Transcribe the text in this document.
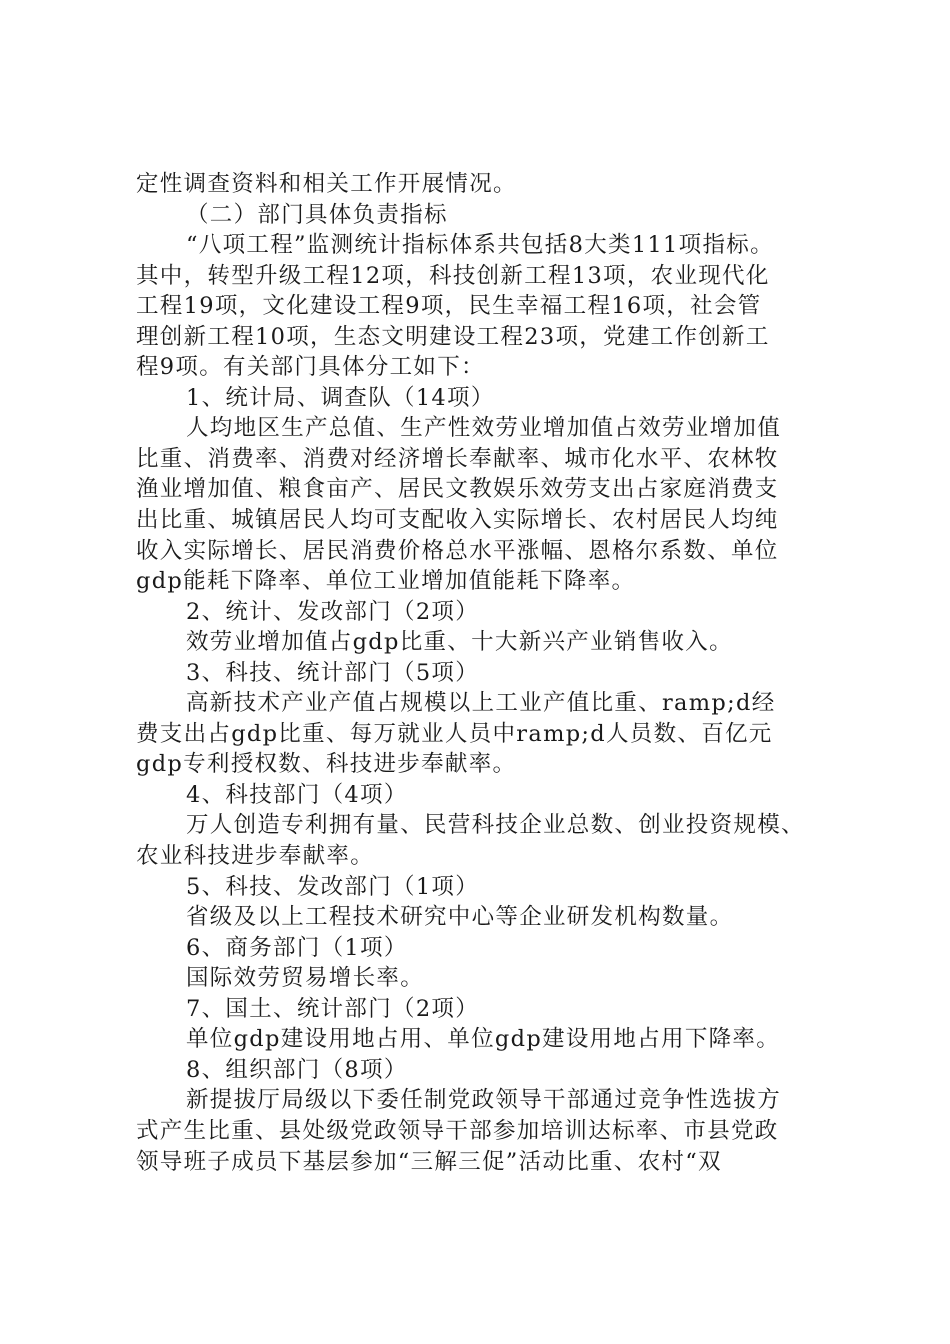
定性调查资料和相关工作开展情况。
（二）部门具体负责指标
“八项工程”监测统计指标体系共包括8大类111项指标。
其中，转型升级工程12项，科技创新工程13项，农业现代化
工程19项，文化建设工程9项，民生幸福工程16项，社会管
理创新工程10项，生态文明建设工程23项，党建工作创新工
程9项。有关部门具体分工如下：
1、统计局、调查队（14项）
人均地区生产总值、生产性效劳业增加值占效劳业增加值
比重、消费率、消费对经济增长奉献率、城市化水平、农林牧
渔业增加值、粮食亩产、居民文教娱乐效劳支出占家庭消费支
出比重、城镇居民人均可支配收入实际增长、农村居民人均纯
收入实际增长、居民消费价格总水平涨幅、恩格尔系数、单位
gdp能耗下降率、单位工业增加值能耗下降率。
2、统计、发改部门（2项）
效劳业增加值占gdp比重、十大新兴产业销售收入。
3、科技、统计部门（5项）
高新技术产业产值占规模以上工业产值比重、ramp;d经
费支出占gdp比重、每万就业人员中ramp;d人员数、百亿元
gdp专利授权数、科技进步奉献率。
4、科技部门（4项）
万人创造专利拥有量、民营科技企业总数、创业投资规模、
农业科技进步奉献率。
5、科技、发改部门（1项）
省级及以上工程技术研究中心等企业研发机构数量。
6、商务部门（1项）
国际效劳贸易增长率。
7、国土、统计部门（2项）
单位gdp建设用地占用、单位gdp建设用地占用下降率。
8、组织部门（8项）
新提拔厅局级以下委任制党政领导干部通过竞争性选拔方
式产生比重、县处级党政领导干部参加培训达标率、市县党政
领导班子成员下基层参加“三解三促”活动比重、农村“双
